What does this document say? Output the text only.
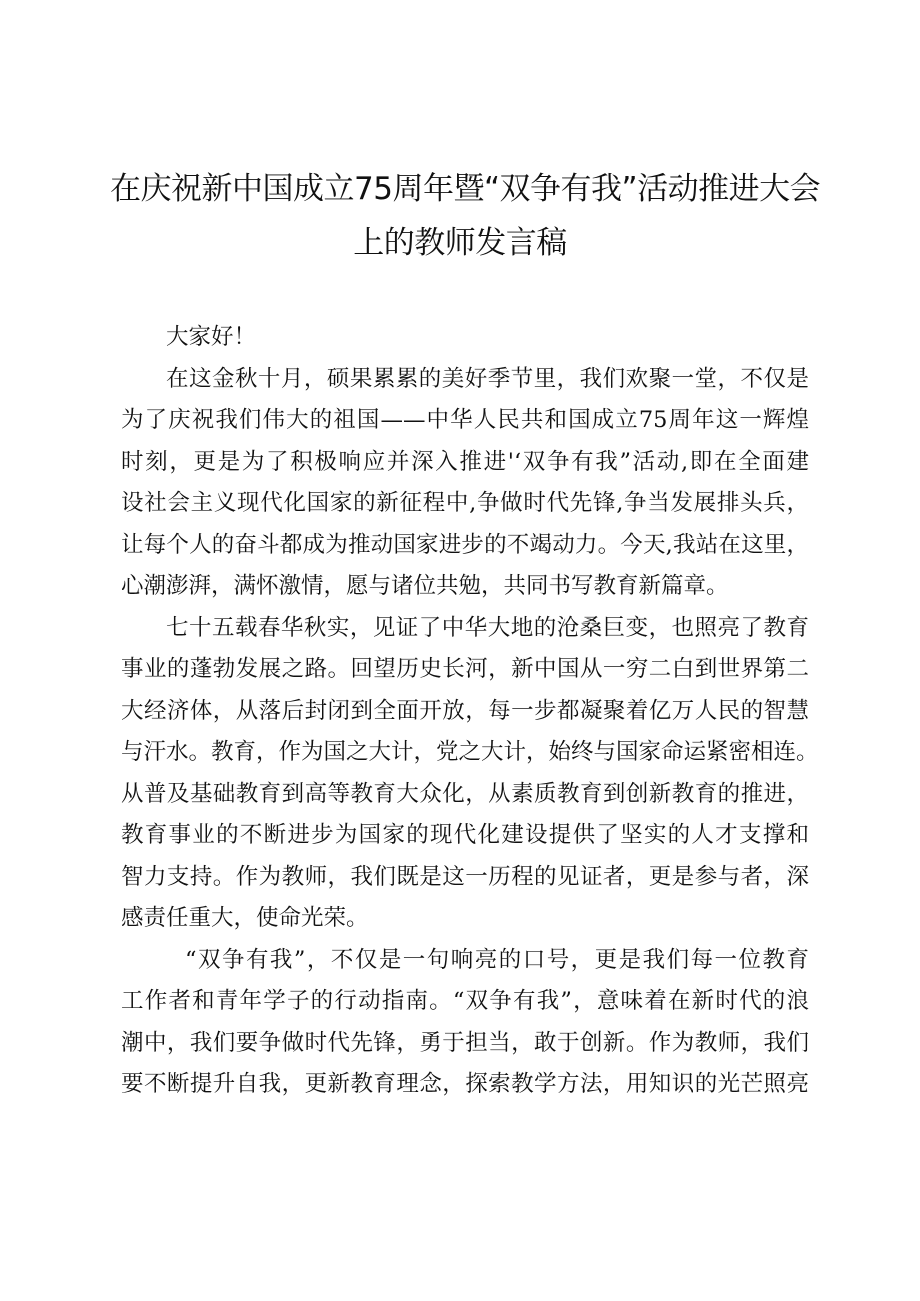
在庆祝新中国成立75周年暨“双争有我”活动推进大会
上的教师发言稿

大家好！

在这金秋十月，硕果累累的美好季节里，我们欢聚一堂，不仅是
为了庆祝我们伟大的祖国——中华人民共和国成立75周年这一辉煌
时刻，更是为了积极响应并深入推进'‘双争有我”活动,即在全面建
设社会主义现代化国家的新征程中,争做时代先锋,争当发展排头兵，
让每个人的奋斗都成为推动国家进步的不竭动力。今天,我站在这里，
心潮澎湃，满怀激情，愿与诸位共勉，共同书写教育新篇章。

七十五载春华秋实，见证了中华大地的沧桑巨变，也照亮了教育
事业的蓬勃发展之路。回望历史长河，新中国从一穷二白到世界第二
大经济体，从落后封闭到全面开放，每一步都凝聚着亿万人民的智慧
与汗水。教育，作为国之大计，党之大计，始终与国家命运紧密相连。
从普及基础教育到高等教育大众化，从素质教育到创新教育的推进，
教育事业的不断进步为国家的现代化建设提供了坚实的人才支撑和
智力支持。作为教师，我们既是这一历程的见证者，更是参与者，深
感责任重大，使命光荣。

“双争有我”，不仅是一句响亮的口号，更是我们每一位教育
工作者和青年学子的行动指南。“双争有我”，意味着在新时代的浪
潮中，我们要争做时代先锋，勇于担当，敢于创新。作为教师，我们
要不断提升自我，更新教育理念，探索教学方法，用知识的光芒照亮
